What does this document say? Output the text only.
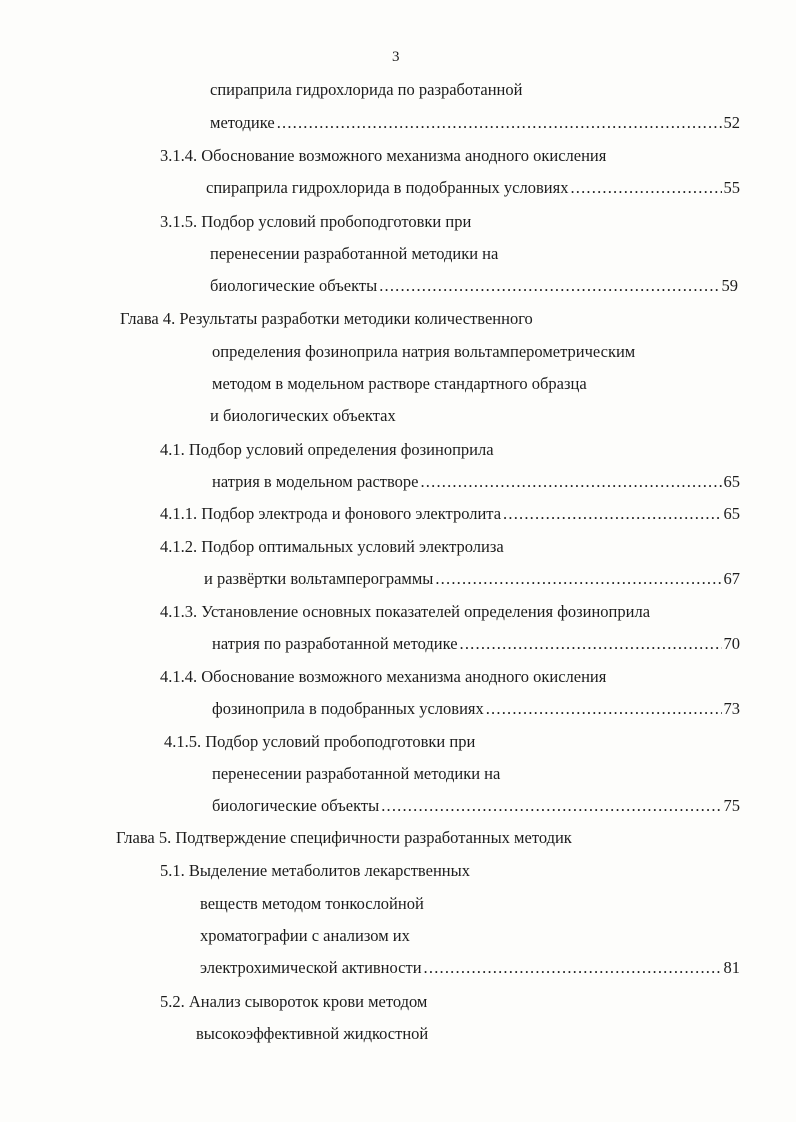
3
спираприла гидрохлорида по разработанной
методике .....	52
3.1.4. Обоснование возможного механизма анодного окисления
спираприла гидрохлорида в подобранных условиях .....	55
3.1.5. Подбор условий пробоподготовки при
перенесении разработанной методики на
биологические объекты .....	59
Глава 4. Результаты разработки методики количественного
определения фозиноприла натрия вольтамперометрическим
методом в модельном растворе стандартного образца
и биологических объектах
4.1. Подбор условий определения фозиноприла
натрия в модельном растворе .....	65
4.1.1. Подбор электрода и фонового электролита .....	65
4.1.2. Подбор оптимальных условий электролиза
и развёртки вольтамперограммы .....	67
4.1.3. Установление основных показателей определения фозиноприла
натрия по разработанной методике .....	70
4.1.4. Обоснование возможного механизма анодного окисления
фозиноприла в подобранных условиях .....	73
4.1.5. Подбор условий пробоподготовки при
перенесении разработанной методики на
биологические объекты .....	75
Глава 5. Подтверждение специфичности разработанных методик
5.1. Выделение метаболитов лекарственных
веществ методом тонкослойной
хроматографии с анализом их
электрохимической активности .....	81
5.2. Анализ сывороток крови методом
высокоэффективной жидкостной
